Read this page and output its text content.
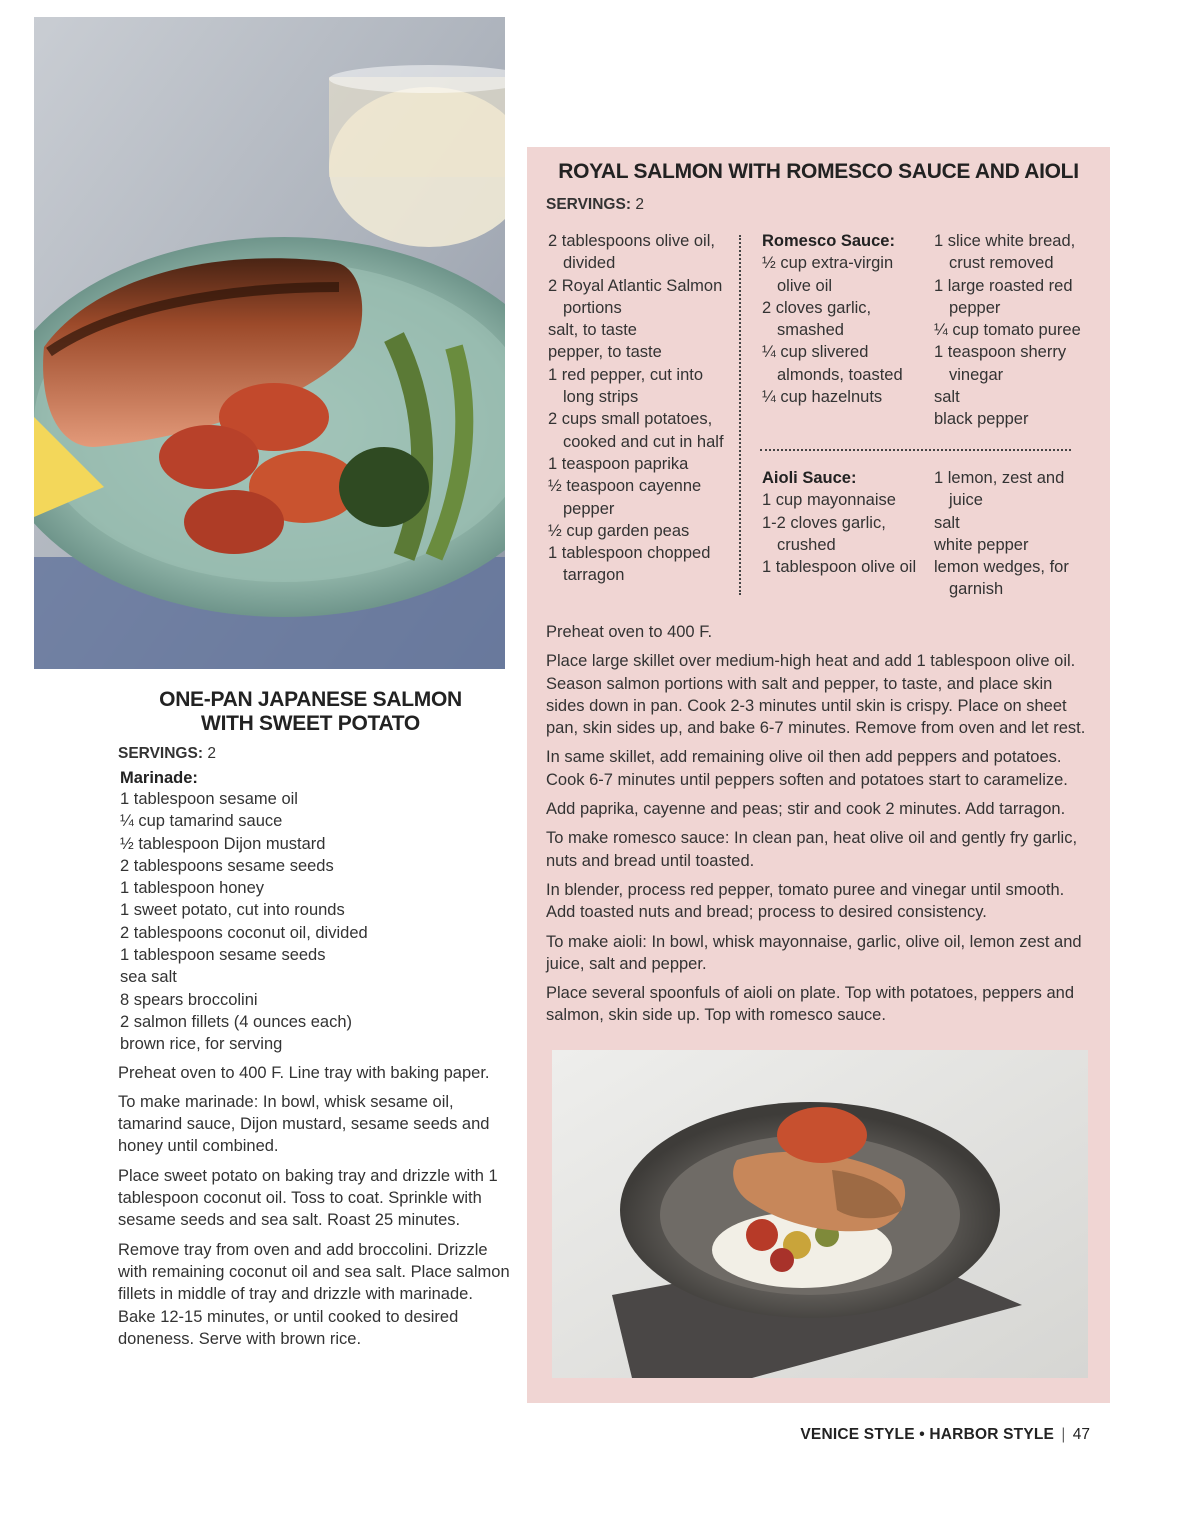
ONE-PAN JAPANESE SALMON
WITH SWEET POTATO
SERVINGS: 2
Marinade:
1 tablespoon sesame oil
¼ cup tamarind sauce
½ tablespoon Dijon mustard
2 tablespoons sesame seeds
1 tablespoon honey
1 sweet potato, cut into rounds
2 tablespoons coconut oil, divided
1 tablespoon sesame seeds
sea salt
8 spears broccolini
2 salmon fillets (4 ounces each)
brown rice, for serving

Preheat oven to 400 F. Line tray with baking paper.

To make marinade: In bowl, whisk sesame oil, tamarind sauce, Dijon mustard, sesame seeds and honey until combined.

Place sweet potato on baking tray and drizzle with 1 tablespoon coconut oil. Toss to coat. Sprinkle with sesame seeds and sea salt. Roast 25 minutes.

Remove tray from oven and add broccolini. Drizzle with remaining coconut oil and sea salt. Place salmon fillets in middle of tray and drizzle with marinade. Bake 12-15 minutes, or until cooked to desired doneness. Serve with brown rice.

ROYAL SALMON WITH ROMESCO SAUCE AND AIOLI
SERVINGS: 2
2 tablespoons olive oil, divided
2 Royal Atlantic Salmon portions
salt, to taste
pepper, to taste
1 red pepper, cut into long strips
2 cups small potatoes, cooked and cut in half
1 teaspoon paprika
½ teaspoon cayenne pepper
½ cup garden peas
1 tablespoon chopped tarragon
Romesco Sauce:
½ cup extra-virgin olive oil
2 cloves garlic, smashed
¼ cup slivered almonds, toasted
¼ cup hazelnuts
1 slice white bread, crust removed
1 large roasted red pepper
¼ cup tomato puree
1 teaspoon sherry vinegar
salt
black pepper
Aioli Sauce:
1 cup mayonnaise
1-2 cloves garlic, crushed
1 tablespoon olive oil
1 lemon, zest and juice
salt
white pepper
lemon wedges, for garnish

Preheat oven to 400 F.

Place large skillet over medium-high heat and add 1 tablespoon olive oil. Season salmon portions with salt and pepper, to taste, and place skin sides down in pan. Cook 2-3 minutes until skin is crispy. Place on sheet pan, skin sides up, and bake 6-7 minutes. Remove from oven and let rest.

In same skillet, add remaining olive oil then add peppers and potatoes. Cook 6-7 minutes until peppers soften and potatoes start to caramelize.

Add paprika, cayenne and peas; stir and cook 2 minutes. Add tarragon.

To make romesco sauce: In clean pan, heat olive oil and gently fry garlic, nuts and bread until toasted.

In blender, process red pepper, tomato puree and vinegar until smooth. Add toasted nuts and bread; process to desired consistency.

To make aioli: In bowl, whisk mayonnaise, garlic, olive oil, lemon zest and juice, salt and pepper.

Place several spoonfuls of aioli on plate. Top with potatoes, peppers and salmon, skin side up. Top with romesco sauce.

VENICE STYLE • HARBOR STYLE | 47
